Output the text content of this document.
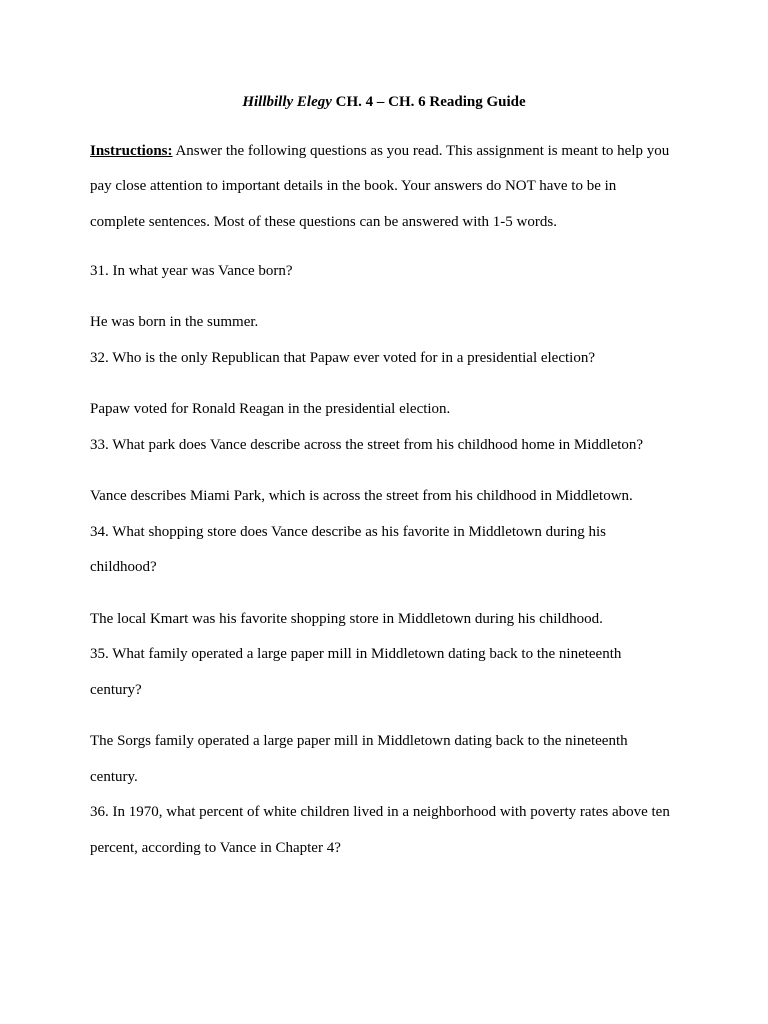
Hillbilly Elegy CH. 4 – CH. 6 Reading Guide
Instructions: Answer the following questions as you read. This assignment is meant to help you
pay close attention to important details in the book. Your answers do NOT have to be in
complete sentences. Most of these questions can be answered with 1-5 words.
31. In what year was Vance born?
He was born in the summer.
32. Who is the only Republican that Papaw ever voted for in a presidential election?
Papaw voted for Ronald Reagan in the presidential election.
33. What park does Vance describe across the street from his childhood home in Middleton?
Vance describes Miami Park, which is across the street from his childhood in Middletown.
34. What shopping store does Vance describe as his favorite in Middletown during his
childhood?
The local Kmart was his favorite shopping store in Middletown during his childhood.
35. What family operated a large paper mill in Middletown dating back to the nineteenth
century?
The Sorgs family operated a large paper mill in Middletown dating back to the nineteenth
century.
36. In 1970, what percent of white children lived in a neighborhood with poverty rates above ten
percent, according to Vance in Chapter 4?
